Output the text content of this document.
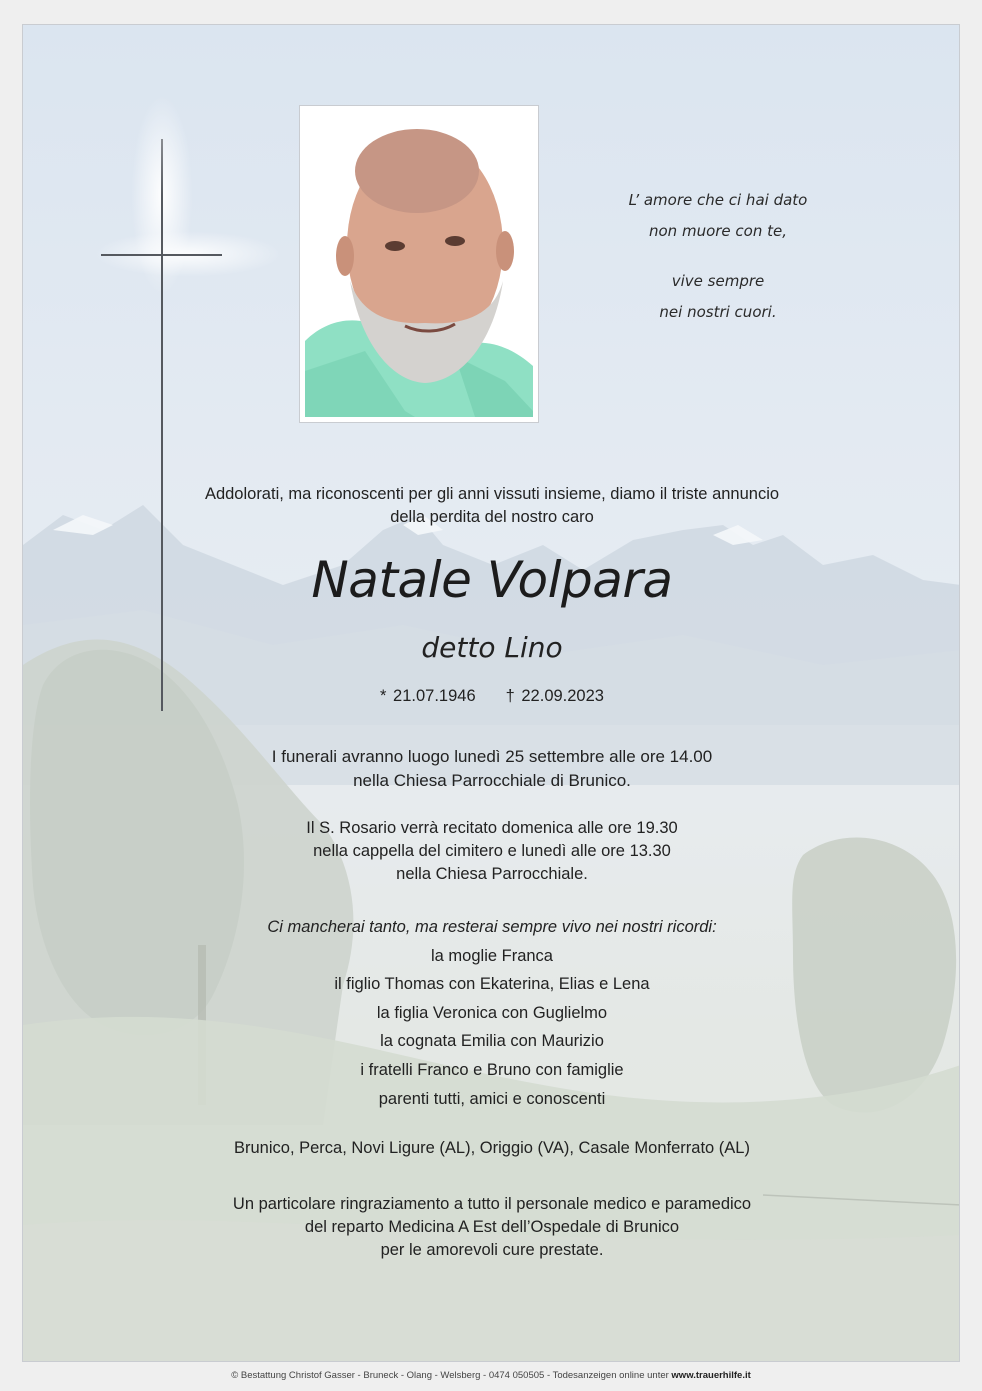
L’ amore che ci hai dato
non muore con te,
vive sempre
nei nostri cuori.
Addolorati, ma riconoscenti per gli anni vissuti insieme, diamo il triste annuncio
della perdita del nostro caro
Natale Volpara
detto Lino
* 21.07.1946 † 22.09.2023
I funerali avranno luogo lunedì 25 settembre alle ore 14.00
nella Chiesa Parrocchiale di Brunico.
Il S. Rosario verrà recitato domenica alle ore 19.30
nella cappella del cimitero e lunedì alle ore 13.30
nella Chiesa Parrocchiale.
Ci mancherai tanto, ma resterai sempre vivo nei nostri ricordi:
la moglie Franca
il figlio Thomas con Ekaterina, Elias e Lena
la figlia Veronica con Guglielmo
la cognata Emilia con Maurizio
i fratelli Franco e Bruno con famiglie
parenti tutti, amici e conoscenti
Brunico, Perca, Novi Ligure (AL), Origgio (VA), Casale Monferrato (AL)
Un particolare ringraziamento a tutto il personale medico e paramedico
del reparto Medicina A Est dell’Ospedale di Brunico
per le amorevoli cure prestate.
© Bestattung Christof Gasser - Bruneck - Olang - Welsberg - 0474 050505 - Todesanzeigen online unter www.trauerhilfe.it
